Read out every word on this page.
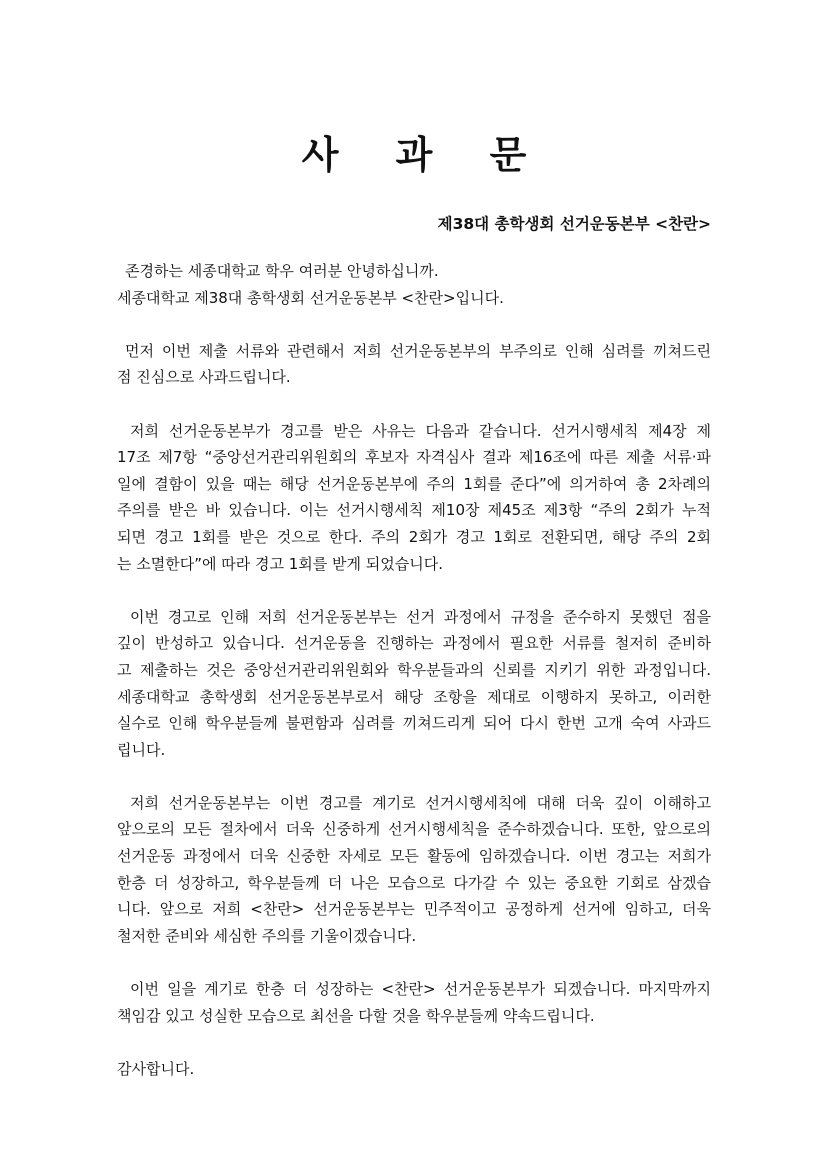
사 과 문
제38대 총학생회 선거운동본부 <찬란>

존경하는 세종대학교 학우 여러분 안녕하십니까.
세종대학교 제38대 총학생회 선거운동본부 <찬란>입니다.

먼저 이번 제출 서류와 관련해서 저희 선거운동본부의 부주의로 인해 심려를 끼쳐드린
점 진심으로 사과드립니다.

저희 선거운동본부가 경고를 받은 사유는 다음과 같습니다. 선거시행세칙 제4장 제
17조 제7항 “중앙선거관리위원회의 후보자 자격심사 결과 제16조에 따른 제출 서류·파
일에 결함이 있을 때는 해당 선거운동본부에 주의 1회를 준다”에 의거하여 총 2차례의
주의를 받은 바 있습니다. 이는 선거시행세칙 제10장 제45조 제3항 “주의 2회가 누적
되면 경고 1회를 받은 것으로 한다. 주의 2회가 경고 1회로 전환되면, 해당 주의 2회
는 소멸한다”에 따라 경고 1회를 받게 되었습니다.

이번 경고로 인해 저희 선거운동본부는 선거 과정에서 규정을 준수하지 못했던 점을
깊이 반성하고 있습니다. 선거운동을 진행하는 과정에서 필요한 서류를 철저히 준비하
고 제출하는 것은 중앙선거관리위원회와 학우분들과의 신뢰를 지키기 위한 과정입니다.
세종대학교 총학생회 선거운동본부로서 해당 조항을 제대로 이행하지 못하고, 이러한
실수로 인해 학우분들께 불편함과 심려를 끼쳐드리게 되어 다시 한번 고개 숙여 사과드
립니다.

저희 선거운동본부는 이번 경고를 계기로 선거시행세칙에 대해 더욱 깊이 이해하고
앞으로의 모든 절차에서 더욱 신중하게 선거시행세칙을 준수하겠습니다. 또한, 앞으로의
선거운동 과정에서 더욱 신중한 자세로 모든 활동에 임하겠습니다. 이번 경고는 저희가
한층 더 성장하고, 학우분들께 더 나은 모습으로 다가갈 수 있는 중요한 기회로 삼겠습
니다. 앞으로 저희 <찬란> 선거운동본부는 민주적이고 공정하게 선거에 임하고, 더욱
철저한 준비와 세심한 주의를 기울이겠습니다.

이번 일을 계기로 한층 더 성장하는 <찬란> 선거운동본부가 되겠습니다. 마지막까지
책임감 있고 성실한 모습으로 최선을 다할 것을 학우분들께 약속드립니다.

감사합니다.
